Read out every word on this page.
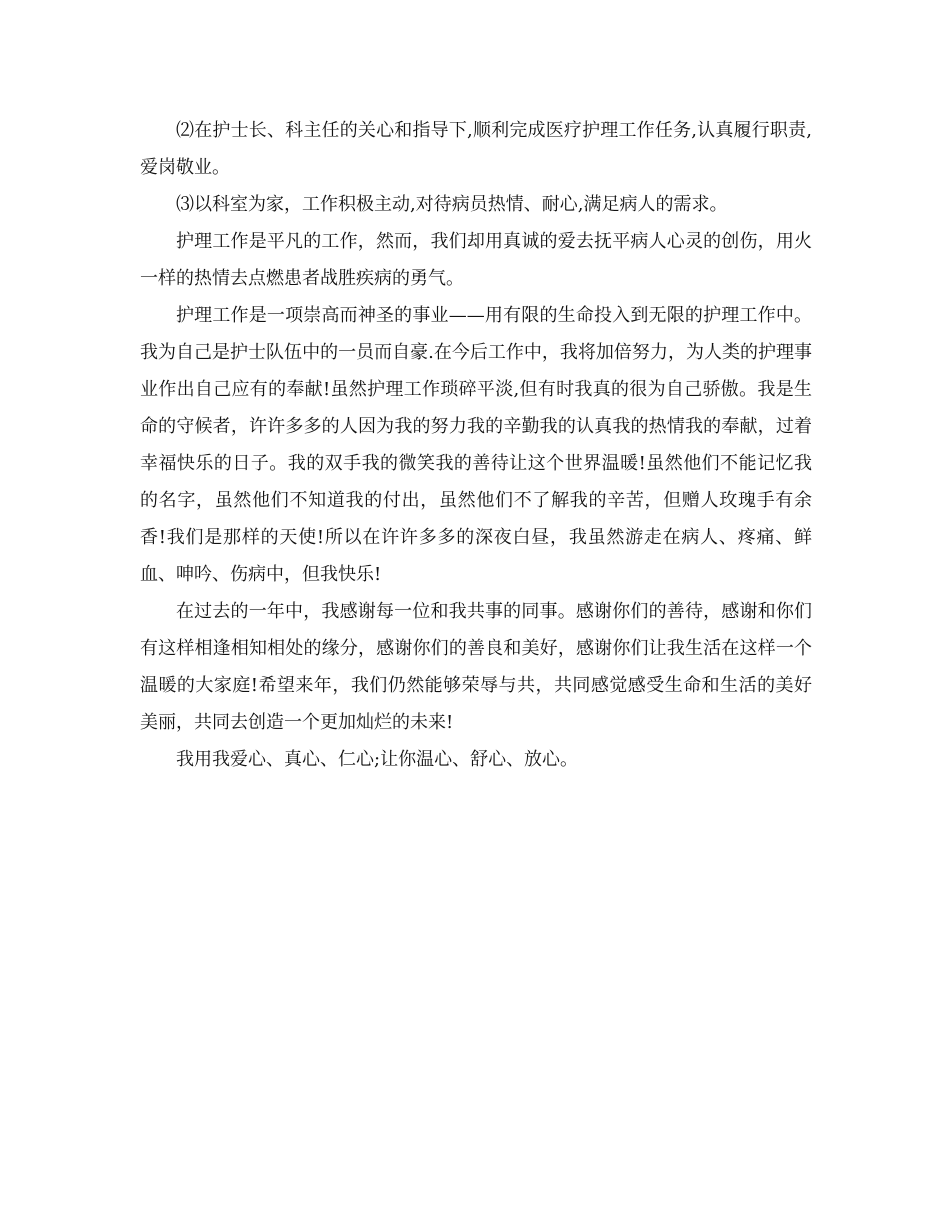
⑵在护士长、科主任的关心和指导下,顺利完成医疗护理工作任务,认真履行职责,爱岗敬业。

⑶以科室为家，工作积极主动,对待病员热情、耐心,满足病人的需求。

护理工作是平凡的工作，然而，我们却用真诚的爱去抚平病人心灵的创伤，用火一样的热情去点燃患者战胜疾病的勇气。

护理工作是一项崇高而神圣的事业——用有限的生命投入到无限的护理工作中。我为自己是护士队伍中的一员而自豪.在今后工作中，我将加倍努力，为人类的护理事业作出自己应有的奉献!虽然护理工作琐碎平淡,但有时我真的很为自己骄傲。我是生命的守候者，许许多多的人因为我的努力我的辛勤我的认真我的热情我的奉献，过着幸福快乐的日子。我的双手我的微笑我的善待让这个世界温暖!虽然他们不能记忆我的名字，虽然他们不知道我的付出，虽然他们不了解我的辛苦，但赠人玫瑰手有余香!我们是那样的天使!所以在许许多多的深夜白昼，我虽然游走在病人、疼痛、鲜血、呻吟、伤病中，但我快乐!

在过去的一年中，我感谢每一位和我共事的同事。感谢你们的善待，感谢和你们有这样相逢相知相处的缘分，感谢你们的善良和美好，感谢你们让我生活在这样一个温暖的大家庭!希望来年，我们仍然能够荣辱与共，共同感觉感受生命和生活的美好美丽，共同去创造一个更加灿烂的未来!

我用我爱心、真心、仁心;让你温心、舒心、放心。
